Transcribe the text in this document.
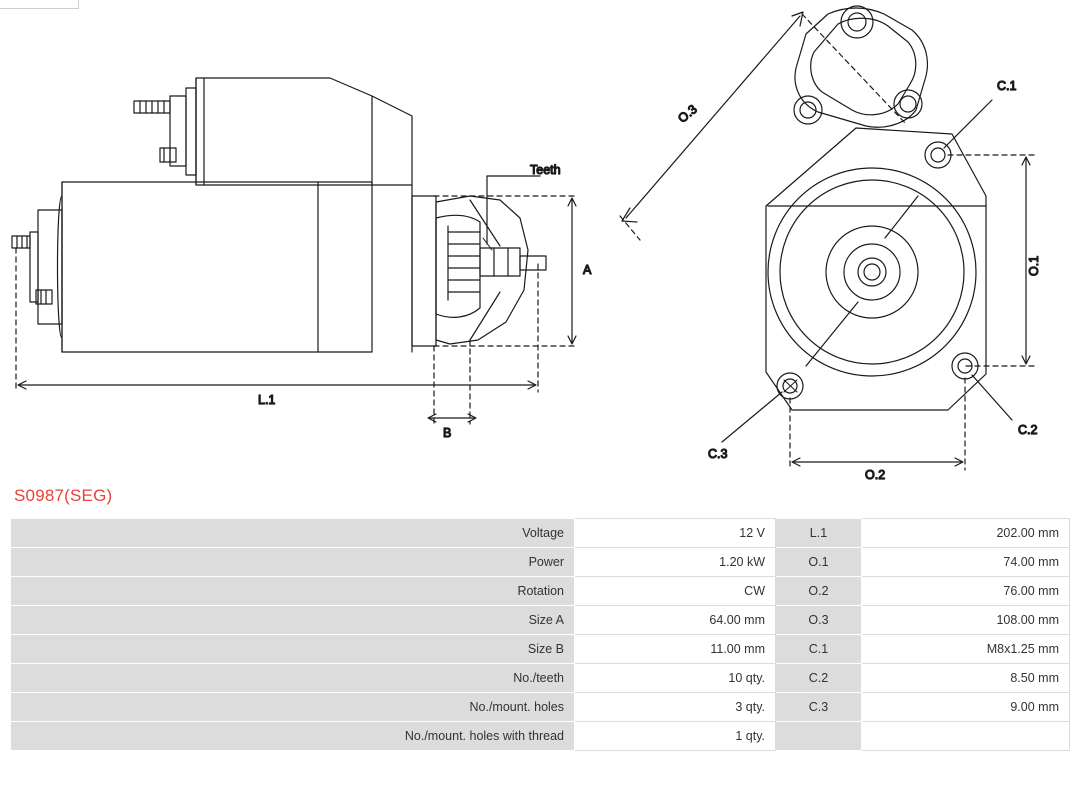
Teeth
A
L.1
B
O.3
O.1
O.2
C.1
C.2
C.3
S0987(SEG)
Voltage	12 V	L.1	202.00 mm
Power	1.20 kW	O.1	74.00 mm
Rotation	CW	O.2	76.00 mm
Size A	64.00 mm	O.3	108.00 mm
Size B	11.00 mm	C.1	M8x1.25 mm
No./teeth	10 qty.	C.2	8.50 mm
No./mount. holes	3 qty.	C.3	9.00 mm
No./mount. holes with thread	1 qty.		
